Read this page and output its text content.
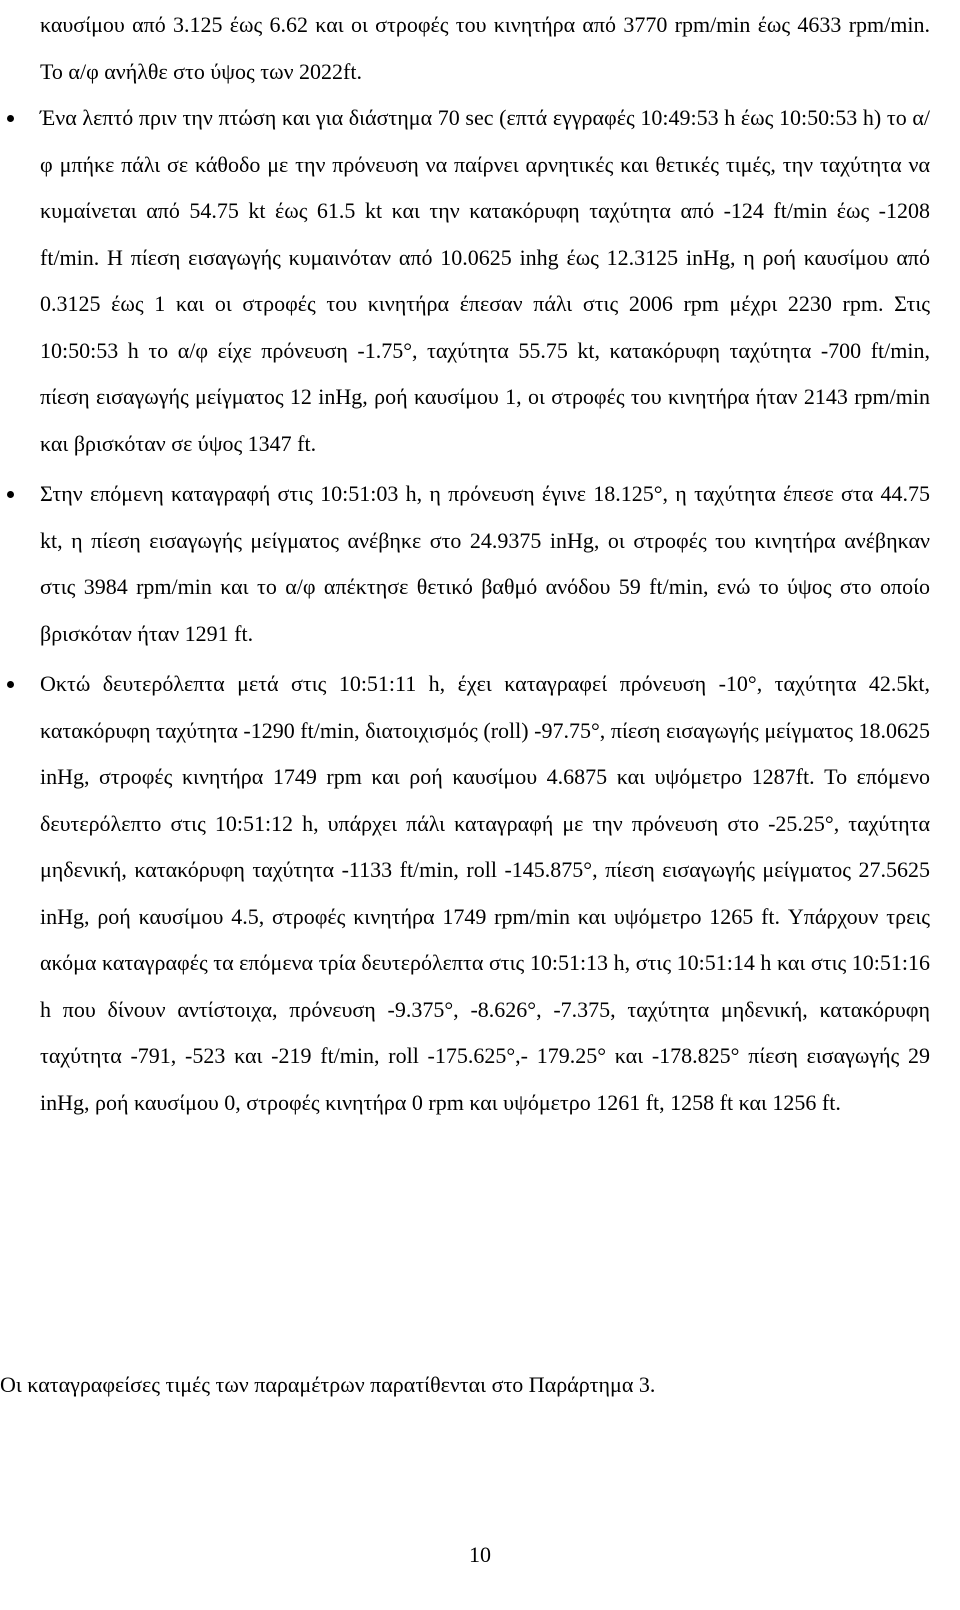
καυσίμου από 3.125 έως 6.62 και οι στροφές του κινητήρα από 3770 rpm/min έως 4633 rpm/min. Το α/φ ανήλθε στο ύψος των 2022ft.

Ένα λεπτό πριν την πτώση και για διάστημα 70 sec (επτά εγγραφές 10:49:53 h έως 10:50:53 h) το α/φ μπήκε πάλι σε κάθοδο με την πρόνευση να παίρνει αρνητικές και θετικές τιμές, την ταχύτητα να κυμαίνεται από 54.75 kt έως 61.5 kt και την κατακόρυφη ταχύτητα από -124 ft/min έως -1208 ft/min. Η πίεση εισαγωγής κυμαινόταν από 10.0625 inhg έως 12.3125 inHg, η ροή καυσίμου από 0.3125 έως 1 και οι στροφές του κινητήρα έπεσαν πάλι στις 2006 rpm μέχρι 2230 rpm. Στις 10:50:53 h το α/φ είχε πρόνευση -1.75°, ταχύτητα 55.75 kt, κατακόρυφη ταχύτητα -700 ft/min, πίεση εισαγωγής μείγματος 12 inHg, ροή καυσίμου 1, οι στροφές του κινητήρα ήταν 2143 rpm/min και βρισκόταν σε ύψος 1347 ft.

Στην επόμενη καταγραφή στις 10:51:03 h, η πρόνευση έγινε 18.125°, η ταχύτητα έπεσε στα 44.75 kt, η πίεση εισαγωγής μείγματος ανέβηκε στο 24.9375 inHg, οι στροφές του κινητήρα ανέβηκαν στις 3984 rpm/min και το α/φ απέκτησε θετικό βαθμό ανόδου 59 ft/min, ενώ το ύψος στο οποίο βρισκόταν ήταν 1291 ft.

Οκτώ δευτερόλεπτα μετά στις 10:51:11 h, έχει καταγραφεί πρόνευση -10°, ταχύτητα 42.5kt, κατακόρυφη ταχύτητα -1290 ft/min, διατοιχισμός (roll) -97.75°, πίεση εισαγωγής μείγματος 18.0625 inHg, στροφές κινητήρα 1749 rpm και ροή καυσίμου 4.6875 και υψόμετρο 1287ft. Το επόμενο δευτερόλεπτο στις 10:51:12 h, υπάρχει πάλι καταγραφή με την πρόνευση στο -25.25°, ταχύτητα μηδενική, κατακόρυφη ταχύτητα -1133 ft/min, roll -145.875°, πίεση εισαγωγής μείγματος 27.5625 inHg, ροή καυσίμου 4.5, στροφές κινητήρα 1749 rpm/min και υψόμετρο 1265 ft. Υπάρχουν τρεις ακόμα καταγραφές τα επόμενα τρία δευτερόλεπτα στις 10:51:13 h, στις 10:51:14 h και στις 10:51:16 h που δίνουν αντίστοιχα, πρόνευση -9.375°, -8.626°, -7.375, ταχύτητα μηδενική, κατακόρυφη ταχύτητα -791, -523 και -219 ft/min, roll -175.625°,- 179.25° και -178.825° πίεση εισαγωγής 29 inHg, ροή καυσίμου 0, στροφές κινητήρα 0 rpm και υψόμετρο 1261 ft, 1258 ft και 1256 ft.

Οι καταγραφείσες τιμές των παραμέτρων παρατίθενται στο Παράρτημα 3.

10
